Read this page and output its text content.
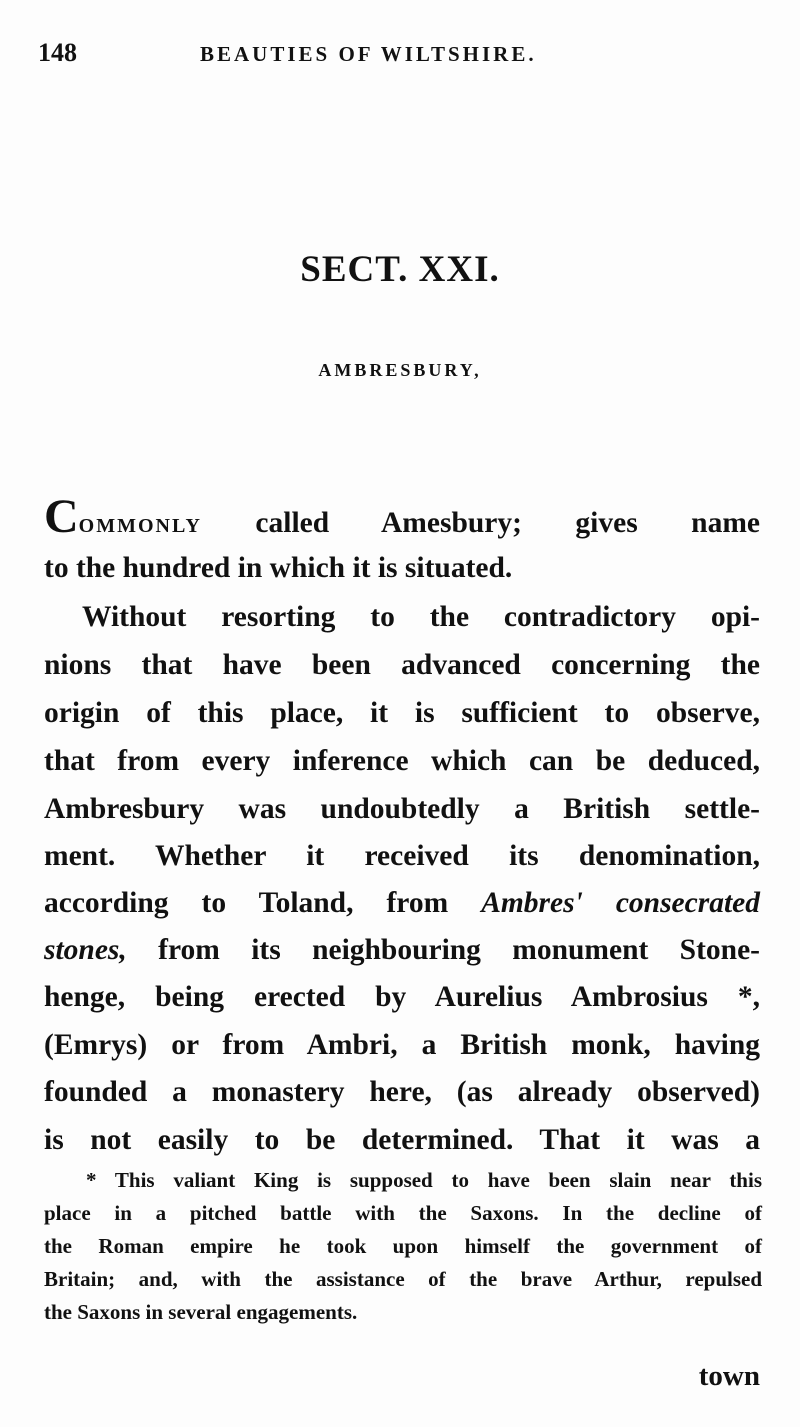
148	BEAUTIES OF WILTSHIRE.
SECT. XXI.
AMBRESBURY,
COMMONLY called Amesbury; gives name
to the hundred in which it is situated.
Without resorting to the contradictory opi-
nions that have been advanced concerning the
origin of this place, it is sufficient to observe,
that from every inference which can be deduced,
Ambresbury was undoubtedly a British settle-
ment. Whether it received its denomination,
according to Toland, from Ambres' consecrated
stones, from its neighbouring monument Stone-
henge, being erected by Aurelius Ambrosius *,
(Emrys) or from Ambri, a British monk, having
founded a monastery here, (as already observed)
is not easily to be determined. That it was a
* This valiant King is supposed to have been slain near this
place in a pitched battle with the Saxons. In the decline of
the Roman empire he took upon himself the government of
Britain; and, with the assistance of the brave Arthur, repulsed
the Saxons in several engagements.
town
